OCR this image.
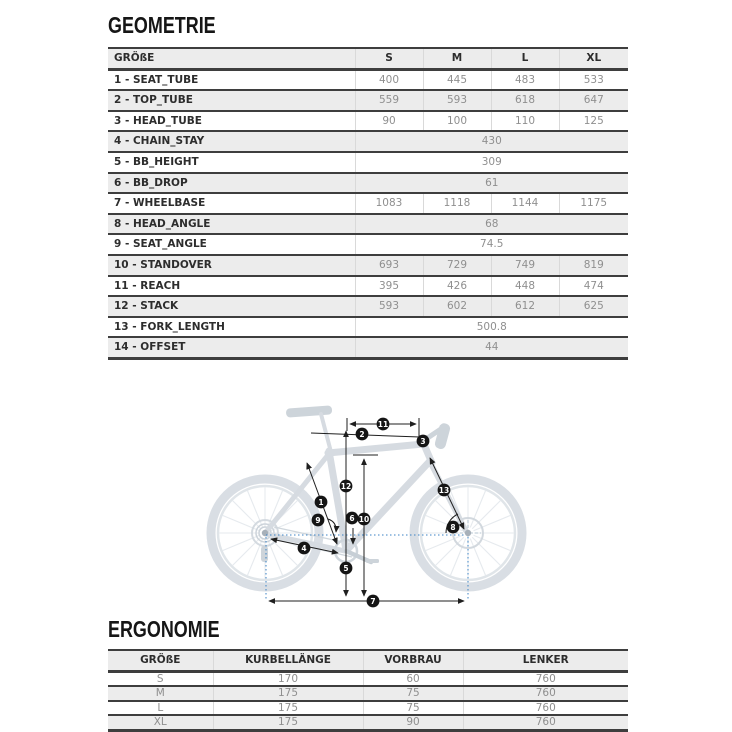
GEOMETRIE
GRÖßE	S	M	L	XL
1 - SEAT_TUBE	400	445	483	533
2 - TOP_TUBE	559	593	618	647
3 - HEAD_TUBE	90	100	110	125
4 - CHAIN_STAY	430			
5 - BB_HEIGHT	309			
6 - BB_DROP	61			
7 - WHEELBASE	1083	1118	1144	1175
8 - HEAD_ANGLE	68			
9 - SEAT_ANGLE	74.5			
10 - STANDOVER	693	729	749	819
11 - REACH	395	426	448	474
12 - STACK	593	602	612	625
13 - FORK_LENGTH	500.8			
14 - OFFSET	44			
1
2
3
4
5
6
7
8
9	10
11
12	13
ERGONOMIE
GRÖßE	KURBELLÄNGE	VORBRAU	LENKER
S	170	60	760
M	175	75	760
L	175	75	760
XL	175	90	760
